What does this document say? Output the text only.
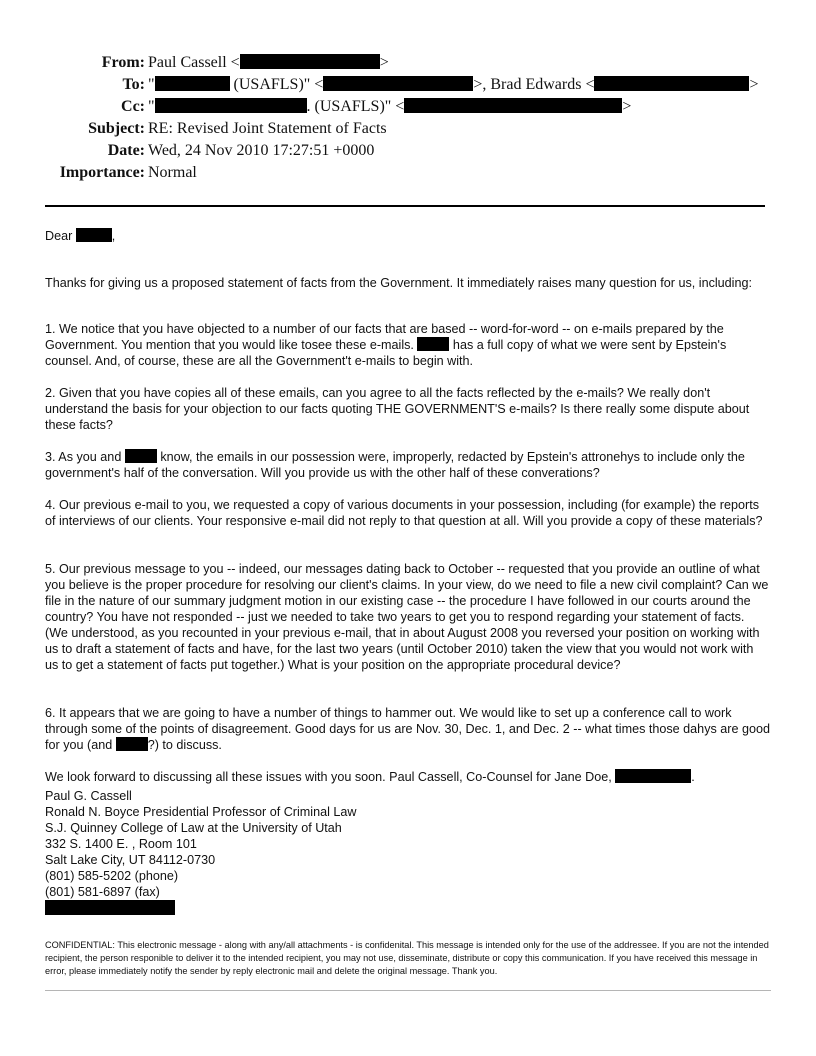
From: Paul Cassell <	>
To: "	(USAFLS)" <	>, Brad Edwards <	>
Cc: "	. (USAFLS)" <	>
Subject: RE: Revised Joint Statement of Facts
Date: Wed, 24 Nov 2010 17:27:51 +0000
Importance: Normal
Dear	,

Thanks for giving us a proposed statement of facts from the Government. It immediately raises many question for us, including:

1. We notice that you have objected to a number of our facts that are based -- word-for-word -- on e-mails prepared by the Government. You mention that you would like tosee these e-mails.	has a full copy of what we were sent by Epstein's counsel. And, of course, these are all the Government't e-mails to begin with.

2. Given that you have copies all of these emails, can you agree to all the facts reflected by the e-mails? We really don't understand the basis for your objection to our facts quoting THE GOVERNMENT'S e-mails? Is there really some dispute about these facts?

3. As you and	know, the emails in our possession were, improperly, redacted by Epstein's attronehys to include only the government's half of the conversation. Will you provide us with the other half of these converations?

4. Our previous e-mail to you, we requested a copy of various documents in your possession, including (for example) the reports of interviews of our clients. Your responsive e-mail did not reply to that question at all. Will you provide a copy of these materials?

5. Our previous message to you -- indeed, our messages dating back to October -- requested that you provide an outline of what you believe is the proper procedure for resolving our client's claims. In your view, do we need to file a new civil complaint? Can we file in the nature of our summary judgment motion in our existing case -- the procedure I have followed in our courts around the country? You have not responded -- just we needed to take two years to get you to respond regarding your statement of facts. (We understood, as you recounted in your previous e-mail, that in about August 2008 you reversed your position on working with us to draft a statement of facts and have, for the last two years (until October 2010) taken the view that you would not work with us to get a statement of facts put together.) What is your position on the appropriate procedural device?

6. It appears that we are going to have a number of things to hammer out. We would like to set up a conference call to work through some of the points of disagreement. Good days for us are Nov. 30, Dec. 1, and Dec. 2 -- what times those dahys are good for you (and	?) to discuss.

We look forward to discussing all these issues with you soon. Paul Cassell, Co-Counsel for Jane Doe,	.

Paul G. Cassell
Ronald N. Boyce Presidential Professor of Criminal Law
S.J. Quinney College of Law at the University of Utah
332 S. 1400 E. , Room 101
Salt Lake City, UT 84112-0730
(801) 585-5202 (phone)
(801) 581-6897 (fax)

CONFIDENTIAL: This electronic message - along with any/all attachments - is confidenital. This message is intended only for the use of the addressee. If you are not the intended recipient, the person responible to deliver it to the intended recipient, you may not use, disseminate, distribute or copy this communication. If you have received this message in error, please immediately notify the sender by reply electronic mail and delete the original message. Thank you.
